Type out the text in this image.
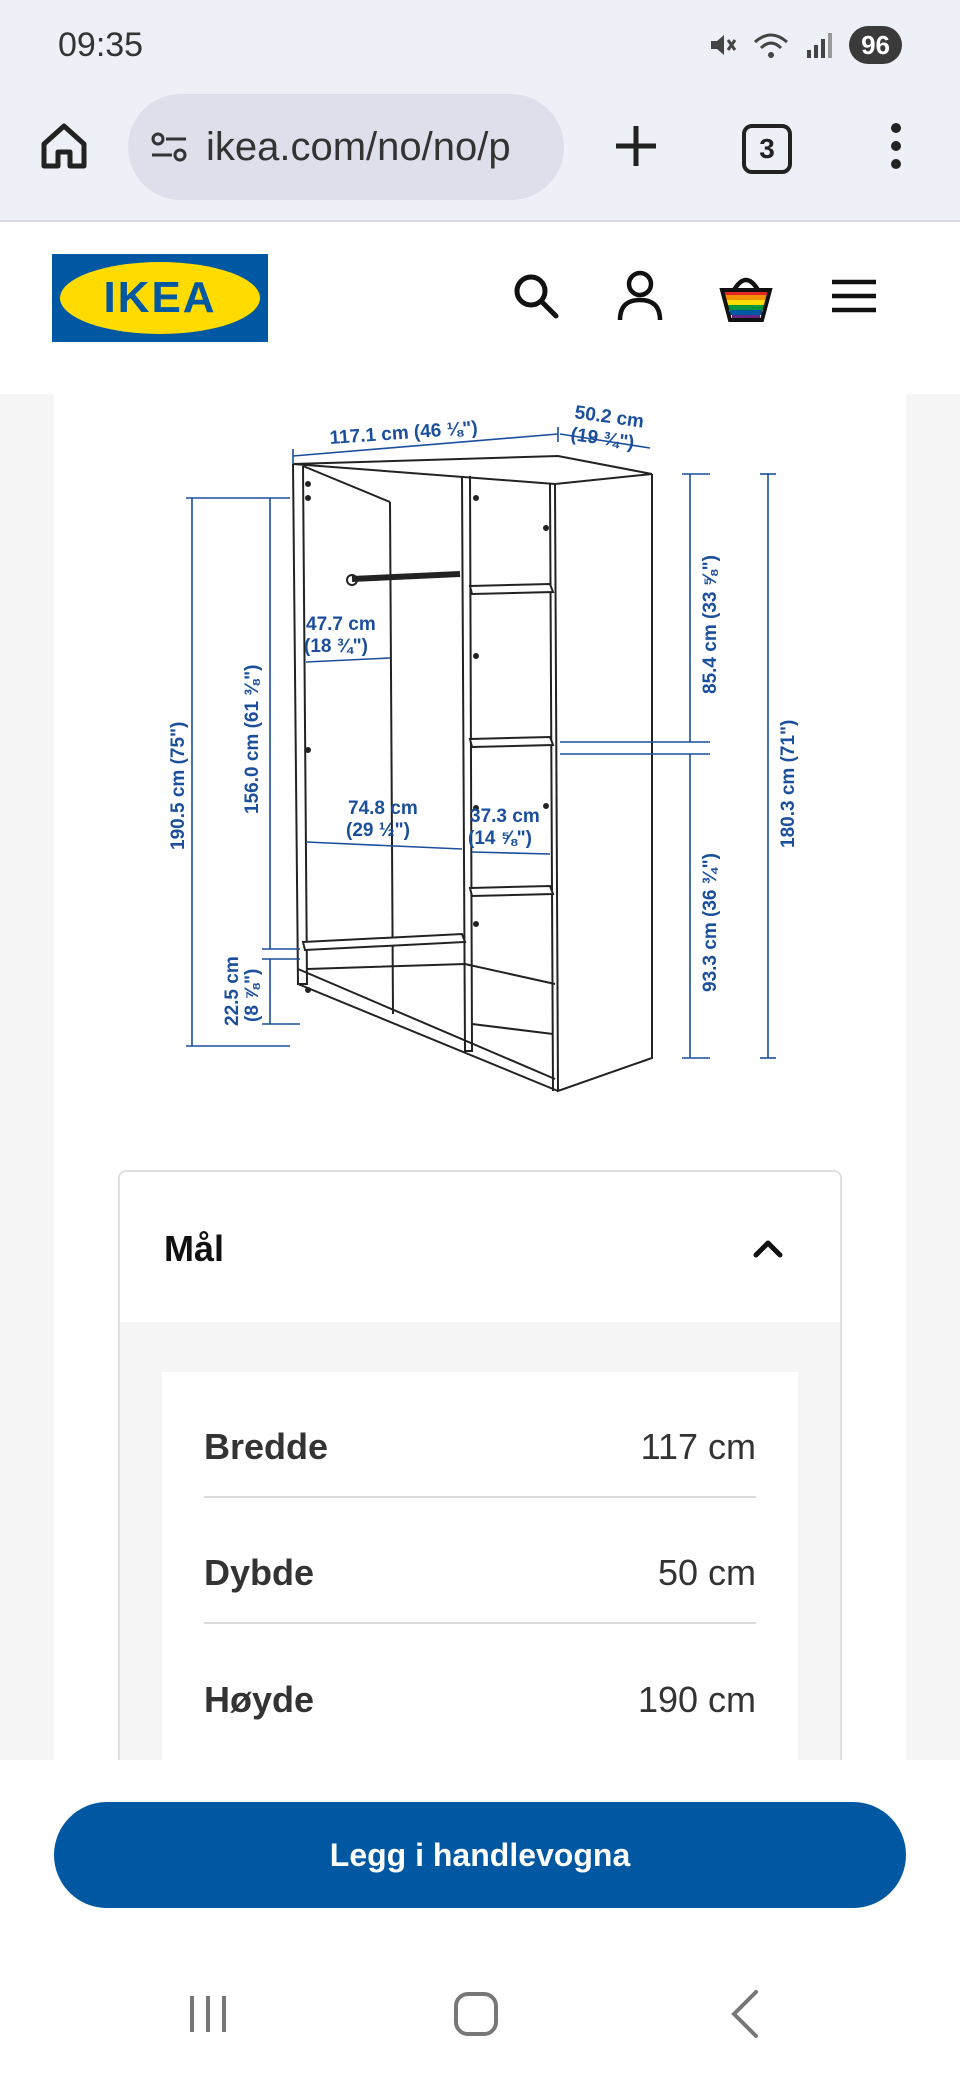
09:35	96
ikea.com/no/no/p	3
IKEA
117.1 cm (46 ⅛")
50.2 cm
(19 ¾")
190.5 cm (75")	156.0 cm (61 ⅜")
47.7 cm
(18 ¾")
74.8 cm
(29 ½")
37.3 cm
(14 ⅝")
22.5 cm (8 ⅞")
85.4 cm (33 ⅝")
93.3 cm (36 ¾")
180.3 cm (71")
Mål
Bredde	117 cm
Dybde	50 cm
Høyde	190 cm
Legg i handlevogna
